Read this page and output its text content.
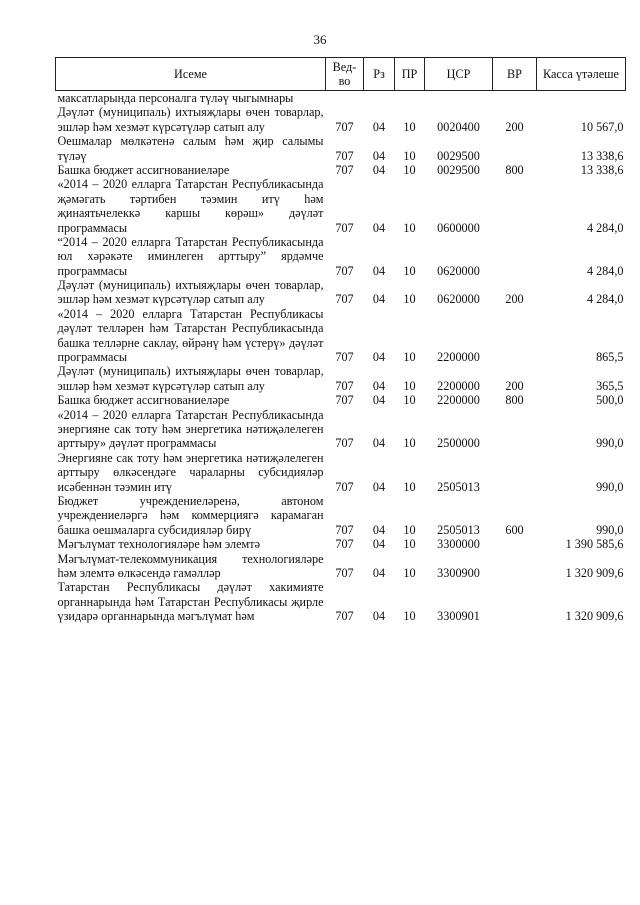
36
Исеме	Вед-во	Рз	ПР	ЦСР	ВР	Касса үтәлеше
максатларында персоналга түләү чыгымнары						
Дәүләт (муниципаль) ихтыяҗлары өчен товарлар, эшләр һәм хезмәт күрсәтүләр сатып алу	707	04	10	0020400	200	10 567,0
Оешмалар мөлкәтенә салым һәм җир салымы түләү	707	04	10	0029500		13 338,6
Башка бюджет ассигнованиеләре	707	04	10	0029500	800	13 338,6
«2014 – 2020 елларга Татарстан Республикасында җәмәгать тәртибен тәэмин итү һәм җинаятьчелеккә каршы көрәш» дәүләт программасы	707	04	10	0600000		4 284,0
“2014 – 2020 елларга Татарстан Республикасында юл хәрәкәте иминлеген арттыру” ярдәмче программасы	707	04	10	0620000		4 284,0
Дәүләт (муниципаль) ихтыяҗлары өчен товарлар, эшләр һәм хезмәт күрсәтүләр сатып алу	707	04	10	0620000	200	4 284,0
«2014 – 2020 елларга Татарстан Республикасы дәүләт телләрен һәм Татарстан Республикасында башка телләрне саклау, өйрәнү һәм үстерү» дәүләт программасы	707	04	10	2200000		865,5
Дәүләт (муниципаль) ихтыяҗлары өчен товарлар, эшләр һәм хезмәт күрсәтүләр сатып алу	707	04	10	2200000	200	365,5
Башка бюджет ассигнованиеләре	707	04	10	2200000	800	500,0
«2014 – 2020 елларга Татарстан Республикасында энергияне сак тоту һәм энергетика нәтиҗәлелеген арттыру» дәүләт программасы	707	04	10	2500000		990,0
Энергияне сак тоту һәм энергетика нәтиҗәлелеген арттыру өлкәсендәге чараларны субсидияләр исәбеннән тәэмин итү	707	04	10	2505013		990,0
Бюджет учреждениеләренә, автоном учреждениеләргә һәм коммерциягә карамаган башка оешмаларга субсидияләр бирү	707	04	10	2505013	600	990,0
Мәгълүмат технологияләре һәм элемтә	707	04	10	3300000		1 390 585,6
Мәгълүмат-телекоммуникация технологияләре һәм элемтә өлкәсендә гамәлләр	707	04	10	3300900		1 320 909,6
Татарстан Республикасы дәүләт хакимияте органнарында һәм Татарстан Республикасы җирле үзидарә органнарында мәгълүмат һәм	707	04	10	3300901		1 320 909,6
